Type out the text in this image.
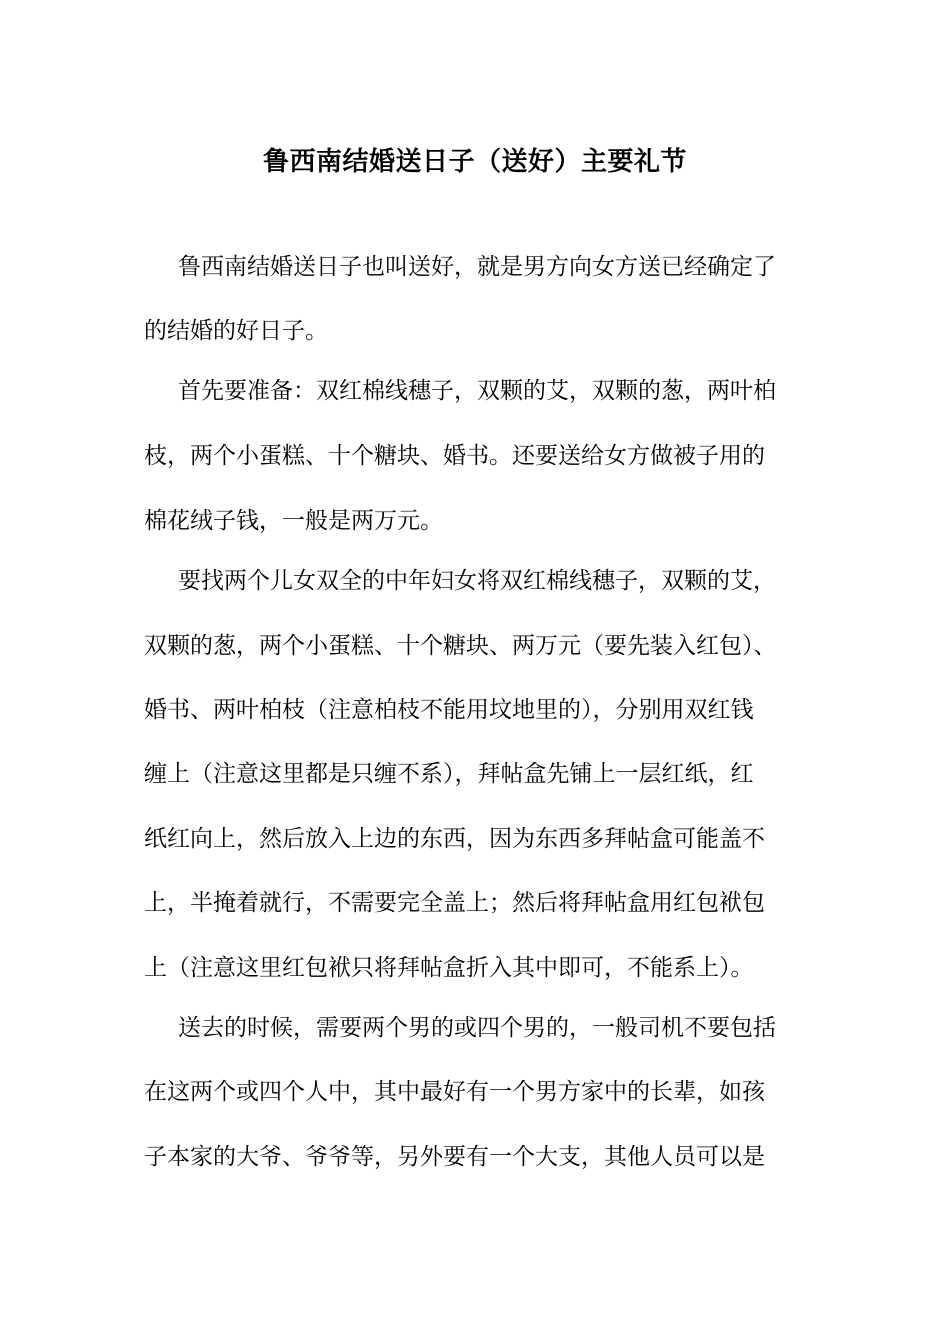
鲁西南结婚送日子（送好）主要礼节

鲁西南结婚送日子也叫送好，就是男方向女方送已经确定了

的结婚的好日子。

首先要准备：双红棉线穗子，双颗的艾，双颗的葱，两叶柏

枝，两个小蛋糕、十个糖块、婚书。还要送给女方做被子用的

棉花绒子钱，一般是两万元。

要找两个儿女双全的中年妇女将双红棉线穗子，双颗的艾，

双颗的葱，两个小蛋糕、十个糖块、两万元（要先装入红包）、

婚书、两叶柏枝（注意柏枝不能用坟地里的），分别用双红钱

缠上（注意这里都是只缠不系），拜帖盒先铺上一层红纸，红

纸红向上，然后放入上边的东西，因为东西多拜帖盒可能盖不

上，半掩着就行，不需要完全盖上；然后将拜帖盒用红包袱包

上（注意这里红包袱只将拜帖盒折入其中即可，不能系上）。

送去的时候，需要两个男的或四个男的，一般司机不要包括

在这两个或四个人中，其中最好有一个男方家中的长辈，如孩

子本家的大爷、爷爷等，另外要有一个大支，其他人员可以是
